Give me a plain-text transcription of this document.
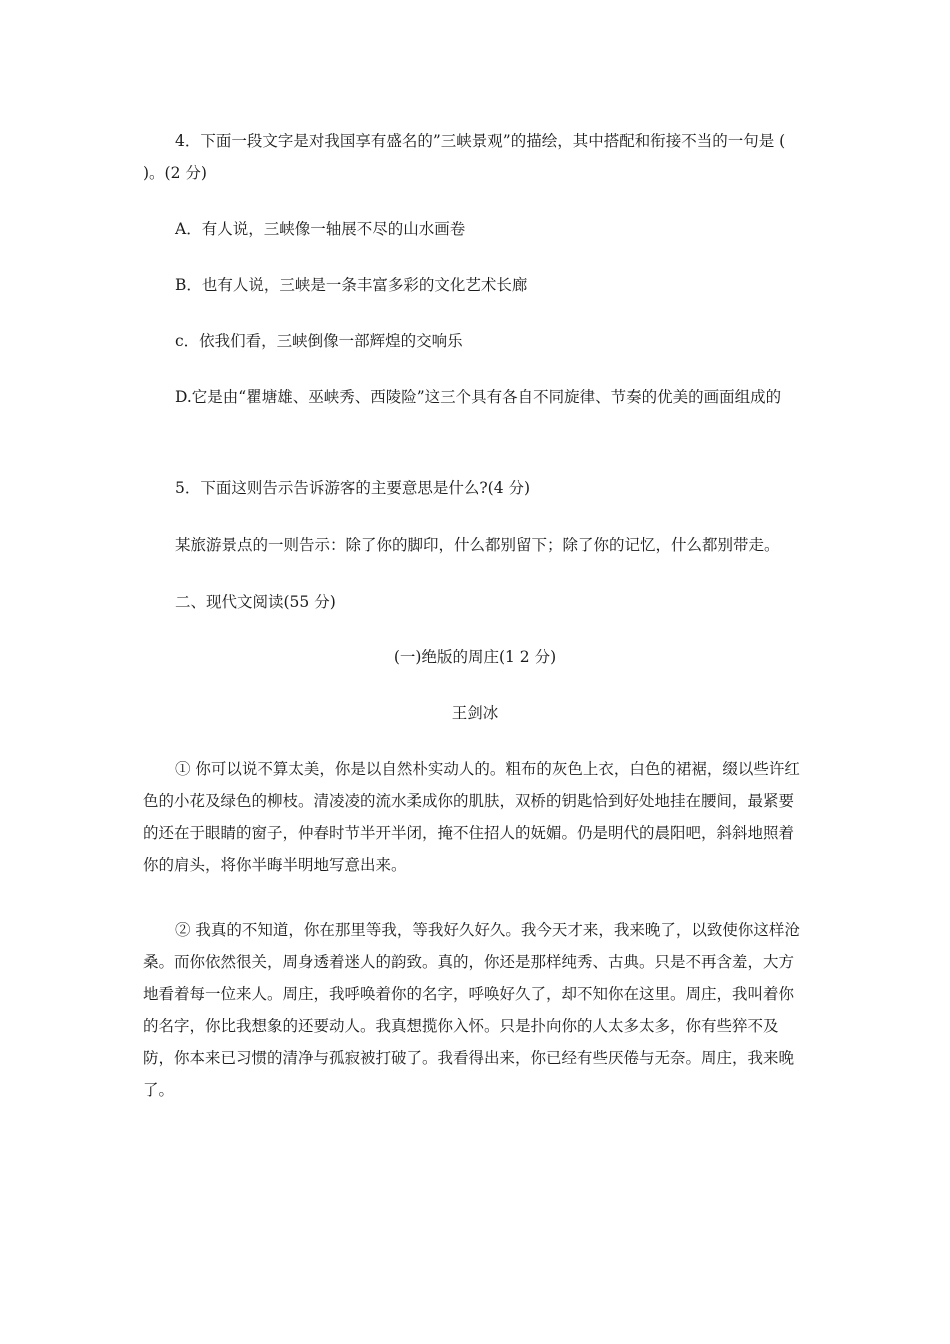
4．下面一段文字是对我国享有盛名的”三峡景观”的描绘，其中搭配和衔接不当的一句是 ( )。(2 分)

A．有人说，三峡像一轴展不尽的山水画卷

B．也有人说，三峡是一条丰富多彩的文化艺术长廊

c．依我们看，三峡倒像一部辉煌的交响乐

D.它是由“瞿塘雄、巫峡秀、西陵险”这三个具有各自不同旋律、节奏的优美的画面组成的

5．下面这则告示告诉游客的主要意思是什么?(4 分)

某旅游景点的一则告示：除了你的脚印，什么都别留下；除了你的记忆，什么都别带走。

二、现代文阅读(55 分)

(一)绝版的周庄(1 2 分)

王剑冰

① 你可以说不算太美，你是以自然朴实动人的。粗布的灰色上衣，白色的裙裾，缀以些许红色的小花及绿色的柳枝。清凌凌的流水柔成你的肌肤，双桥的钥匙恰到好处地挂在腰间，最紧要的还在于眼睛的窗子，仲春时节半开半闭，掩不住招人的妩媚。仍是明代的晨阳吧，斜斜地照着你的肩头，将你半晦半明地写意出来。

② 我真的不知道，你在那里等我，等我好久好久。我今天才来，我来晚了，以致使你这样沧桑。而你依然很关，周身透着迷人的韵致。真的，你还是那样纯秀、古典。只是不再含羞，大方地看着每一位来人。周庄，我呼唤着你的名字，呼唤好久了，却不知你在这里。周庄，我叫着你的名字，你比我想象的还要动人。我真想揽你入怀。只是扑向你的人太多太多，你有些猝不及防，你本来已习惯的清净与孤寂被打破了。我看得出来，你已经有些厌倦与无奈。周庄，我来晚了。
